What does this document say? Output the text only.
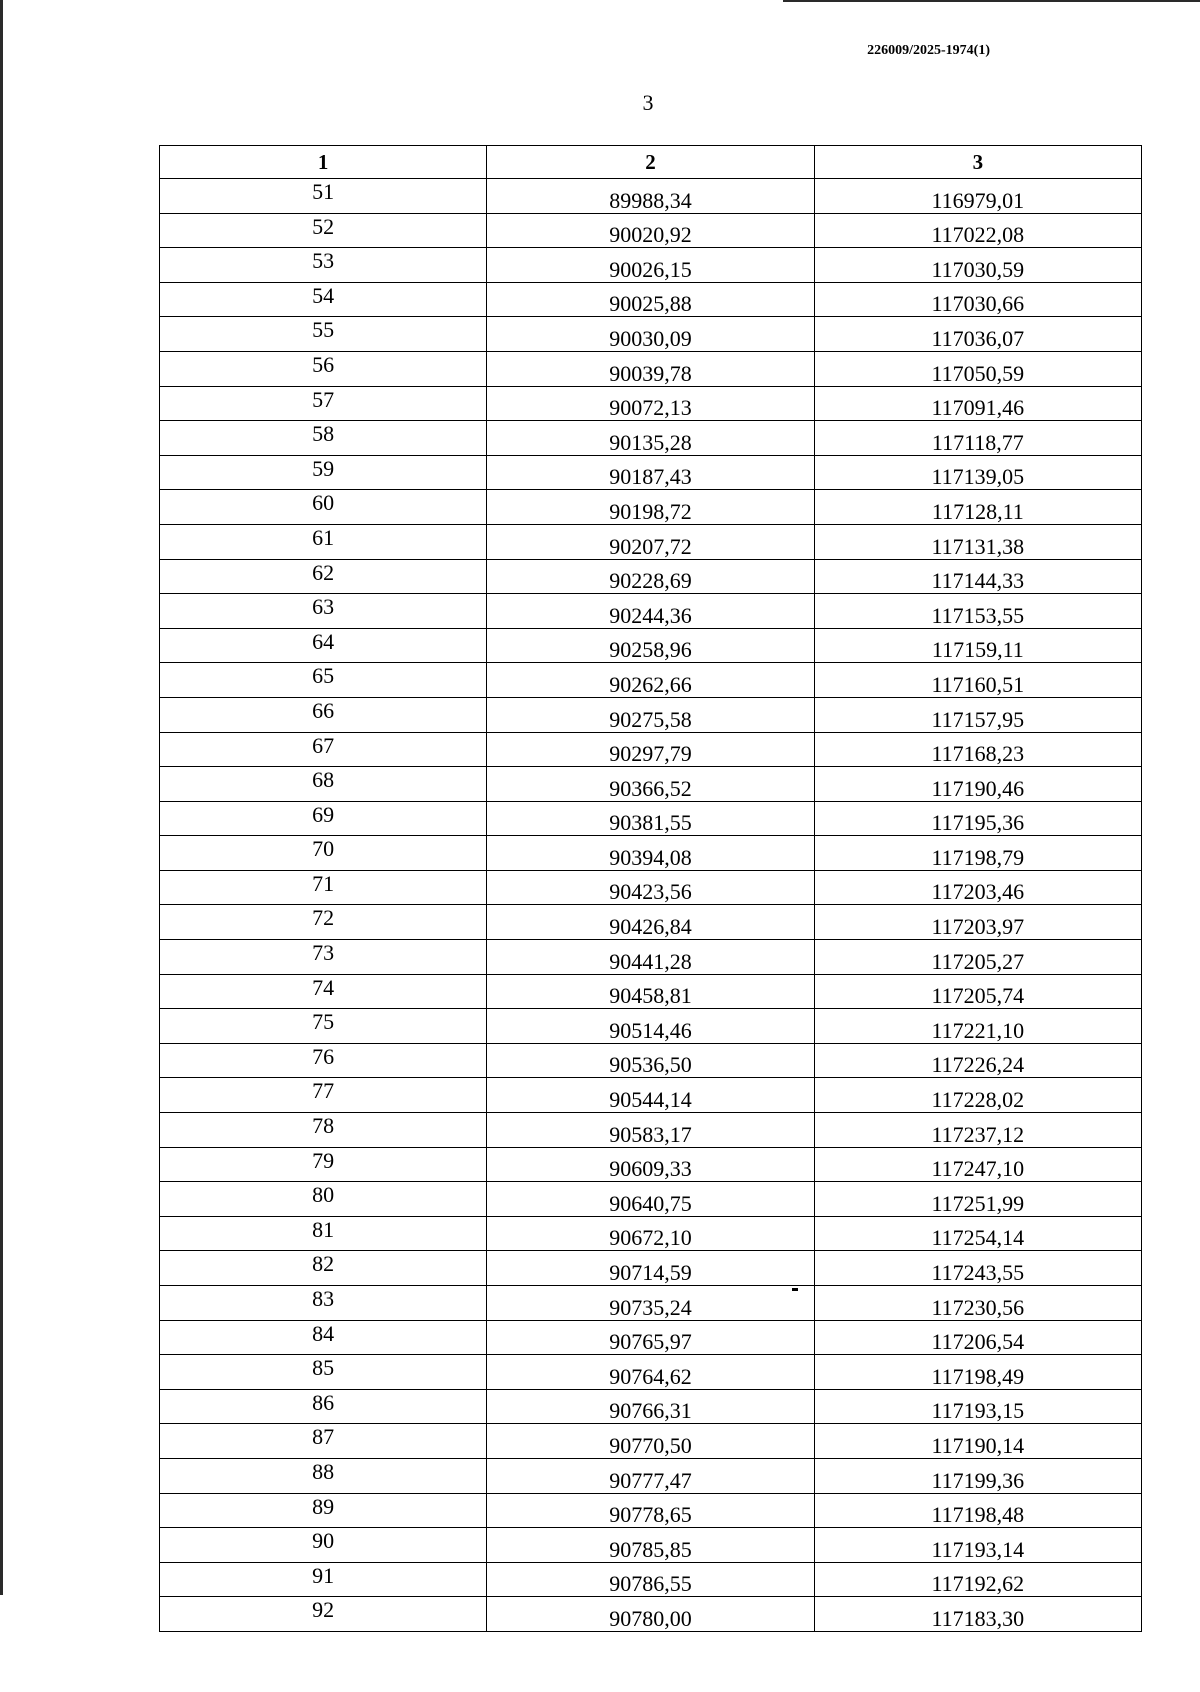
226009/2025-1974(1)
3
1	2	3
51	89988,34	116979,01
52	90020,92	117022,08
53	90026,15	117030,59
54	90025,88	117030,66
55	90030,09	117036,07
56	90039,78	117050,59
57	90072,13	117091,46
58	90135,28	117118,77
59	90187,43	117139,05
60	90198,72	117128,11
61	90207,72	117131,38
62	90228,69	117144,33
63	90244,36	117153,55
64	90258,96	117159,11
65	90262,66	117160,51
66	90275,58	117157,95
67	90297,79	117168,23
68	90366,52	117190,46
69	90381,55	117195,36
70	90394,08	117198,79
71	90423,56	117203,46
72	90426,84	117203,97
73	90441,28	117205,27
74	90458,81	117205,74
75	90514,46	117221,10
76	90536,50	117226,24
77	90544,14	117228,02
78	90583,17	117237,12
79	90609,33	117247,10
80	90640,75	117251,99
81	90672,10	117254,14
82	90714,59	117243,55
83	90735,24	117230,56
84	90765,97	117206,54
85	90764,62	117198,49
86	90766,31	117193,15
87	90770,50	117190,14
88	90777,47	117199,36
89	90778,65	117198,48
90	90785,85	117193,14
91	90786,55	117192,62
92	90780,00	117183,30
